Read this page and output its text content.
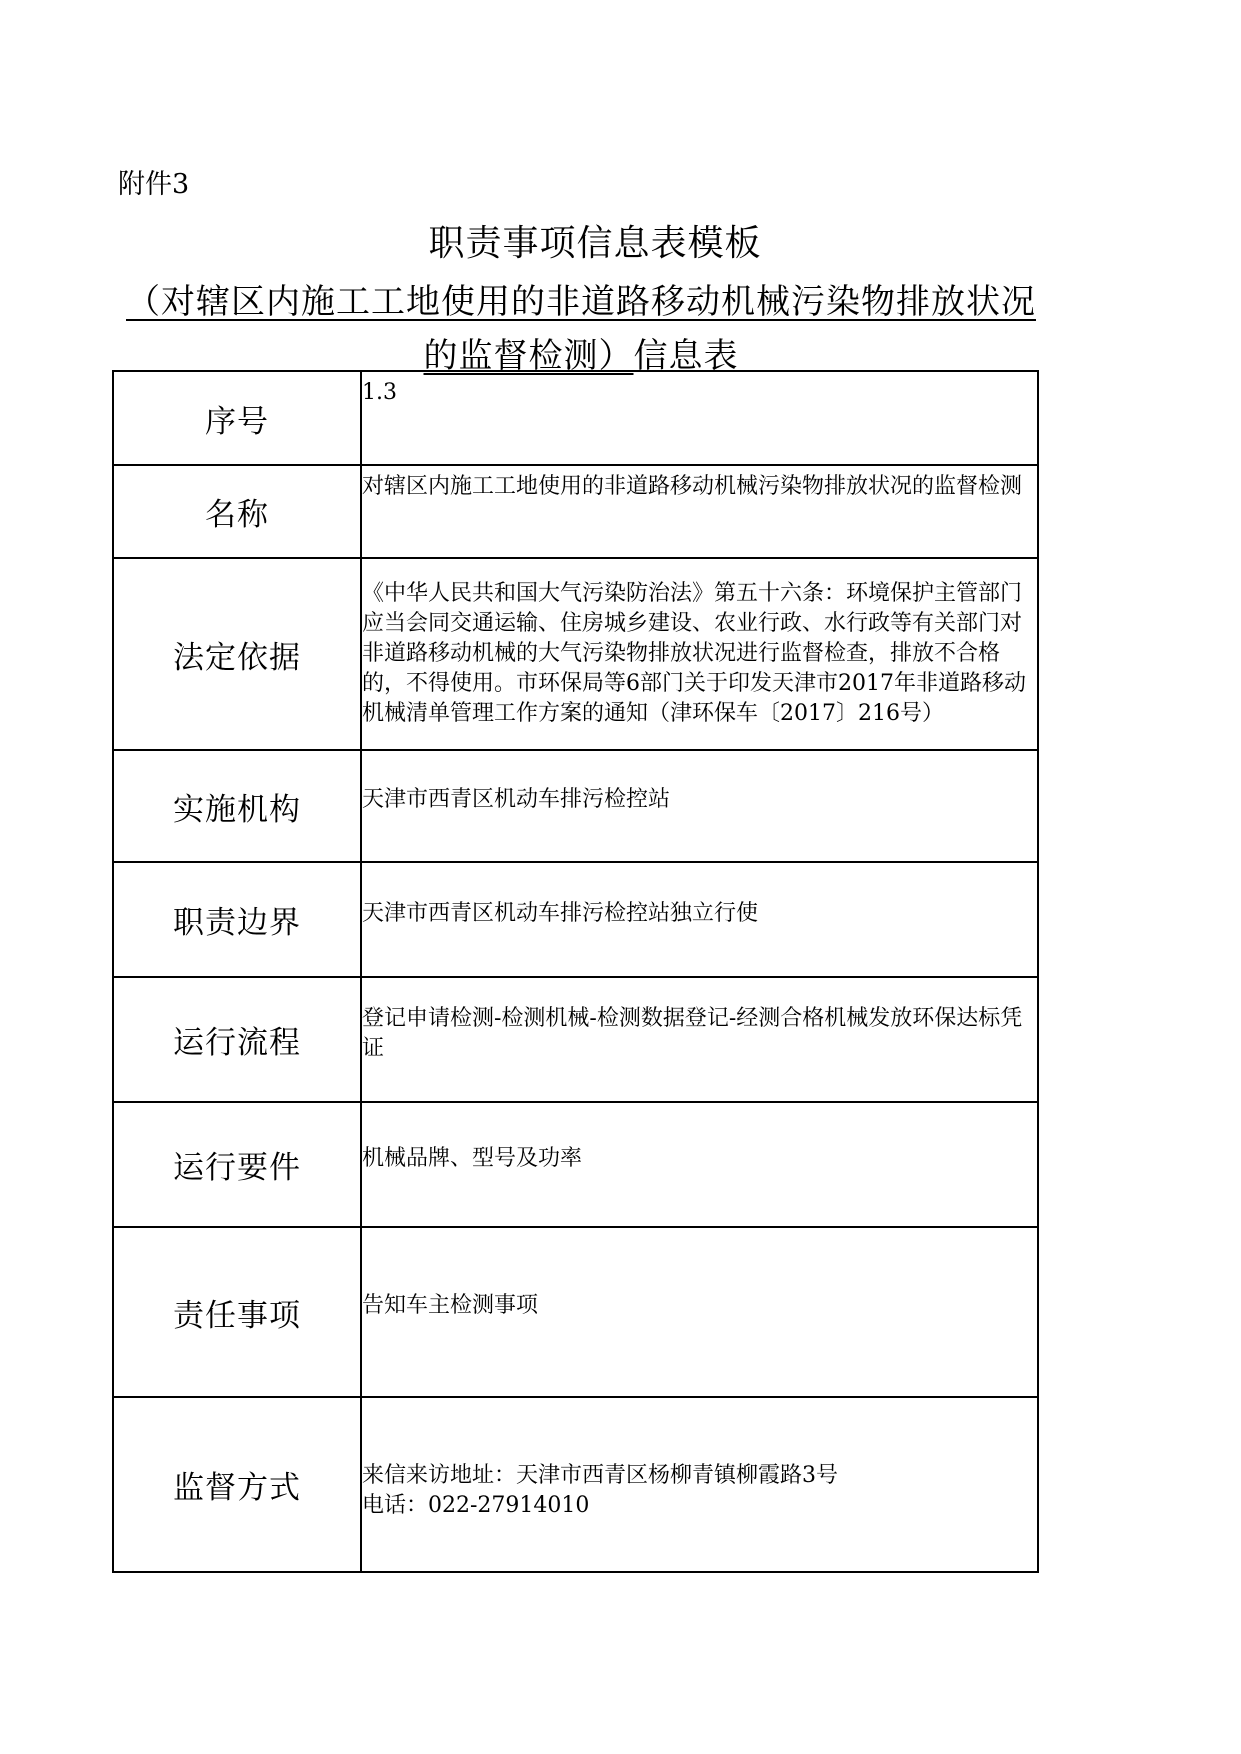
附件3
职责事项信息表模板
（对辖区内施工工地使用的非道路移动机械污染物排放状况的监督检测）信息表
序号	1.3
名称	对辖区内施工工地使用的非道路移动机械污染物排放状况的监督检测
法定依据	《中华人民共和国大气污染防治法》第五十六条：环境保护主管部门应当会同交通运输、住房城乡建设、农业行政、水行政等有关部门对非道路移动机械的大气污染物排放状况进行监督检查，排放不合格的，不得使用。市环保局等6部门关于印发天津市2017年非道路移动机械清单管理工作方案的通知（津环保车〔2017〕216号）
实施机构	天津市西青区机动车排污检控站

职责边界	天津市西青区机动车排污检控站独立行使

运行流程	登记申请检测-检测机械-检测数据登记-经测合格机械发放环保达标凭证

运行要件	机械品牌、型号及功率

责任事项	告知车主检测事项

监督方式	来信来访地址：天津市西青区杨柳青镇柳霞路3号
电话：022-27914010
